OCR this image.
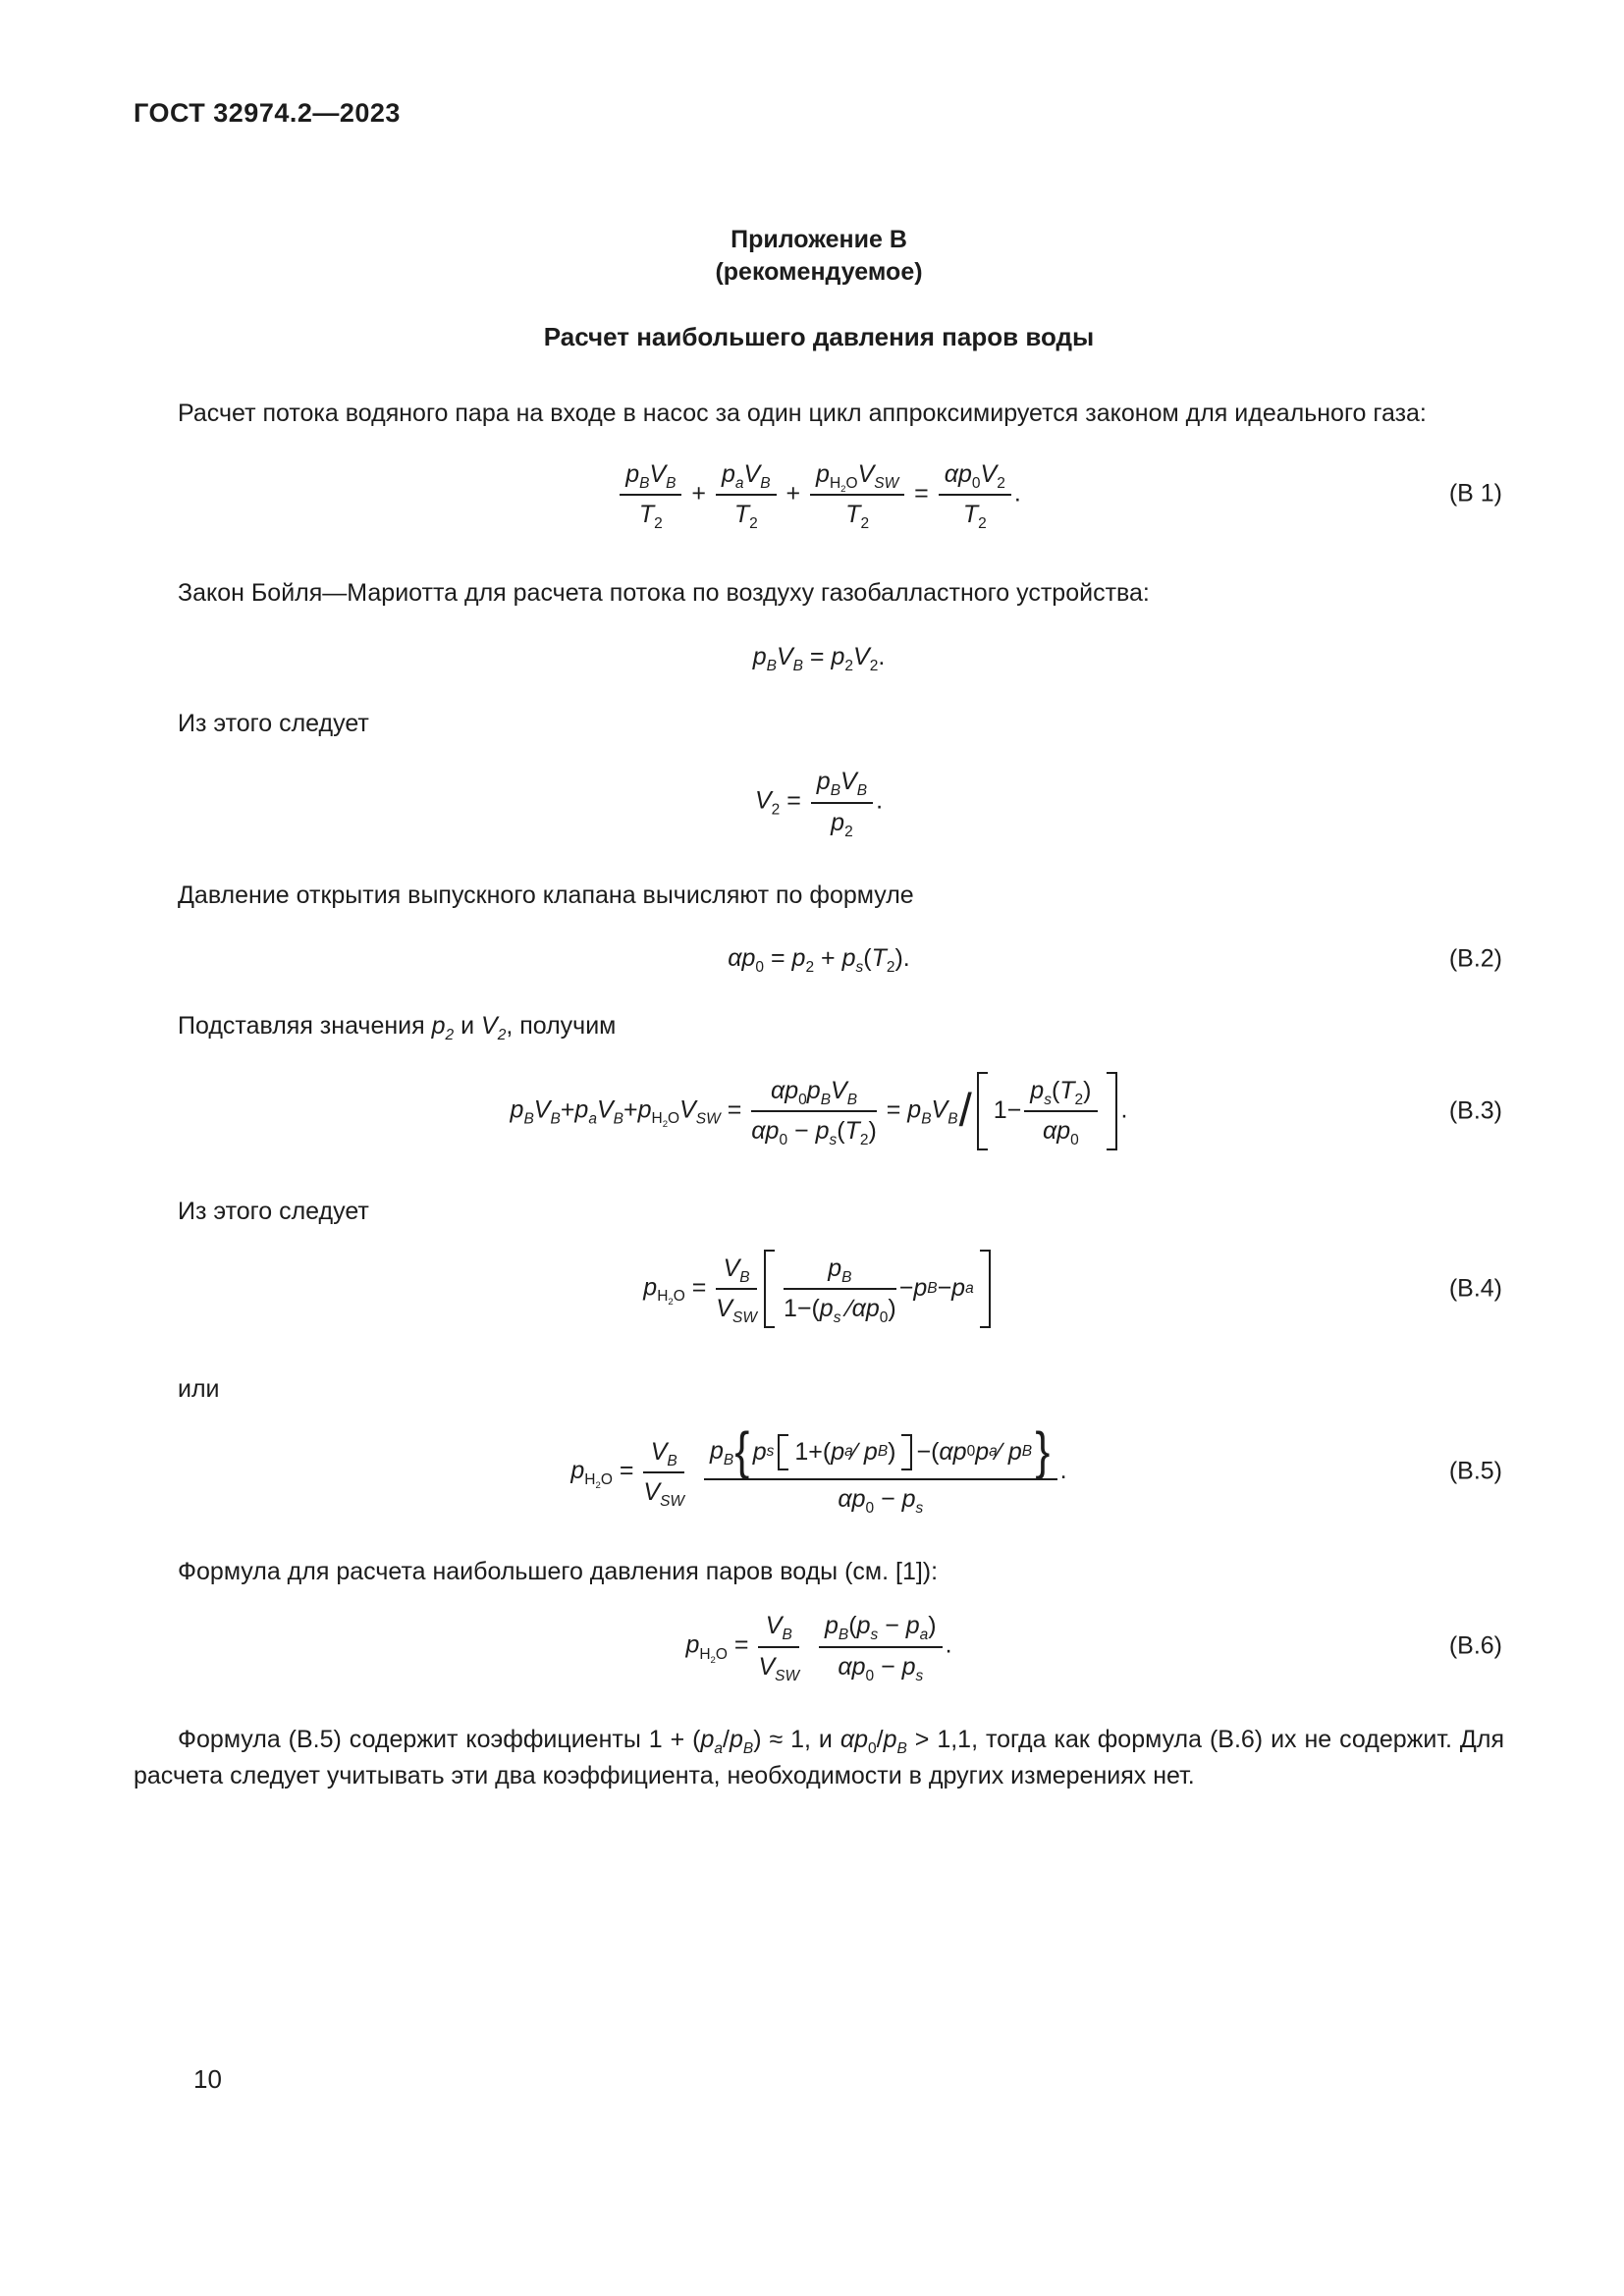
ГОСТ 32974.2—2023
Приложение В
(рекомендуемое)
Расчет наибольшего давления паров воды

Расчет потока водяного пара на входе в насос за один цикл аппроксимируется законом для идеального газа:

$\frac{p_BV_B}{T_2} + \frac{p_aV_B}{T_2} + \frac{p_{H_2O}V_{SW}}{T_2} = \frac{\alpha p_0V_2}{T_2}$ .	(В 1)

Закон Бойля—Мариотта для расчета потока по воздуху газобалластного устройства:

$p_BV_B = p_2V_2$.

Из этого следует

$V_2 = \frac{p_BV_B}{p_2}$ .

Давление открытия выпускного клапана вычисляют по формуле

$\alpha p_0 = p_2 + p_s(T_2)$.	(В.2)

Подставляя значения $p_2$ и $V_2$, получим

$p_BV_B+p_aV_B+p_{H_2O}V_{SW} = \frac{\alpha p_0p_BV_B}{\alpha p_0 - p_s(T_2)} = p_BV_B/$ $1- \frac{p_s(T_2)}{\alpha p_0}$ .	(В.3)

Из этого следует

$p_{H_2O} = \frac{V_B}{V_{SW}} \frac{p_B}{1-(p_s ∕\alpha p_0)} -p$ B −p a	(В.4)

или

$p_{H_2O} = \frac{V_B}{V_{SW}}$
$\frac{p_B \{ p s 1+(p a ∕ p B ) -(\alpha p 0 p a ∕ p B \}}{\alpha p_0 - p_s}$ .	(В.5)

Формула для расчета наибольшего давления паров воды (см. [1]):

$p_{H_2O} = \frac{V_B}{V_{SW}}$
$\frac{p_B(p_s - p_a)}{\alpha p_0 - p_s}$ .	(В.6)

Формула (В.5) содержит коэффициенты $1 + (p_a/p_B) \approx 1$, и $\alpha p_0/p_B > 1,1$, тогда как формула (В.6) их не содержит. Для расчета следует учитывать эти два коэффициента, необходимости в других измерениях нет.

10
